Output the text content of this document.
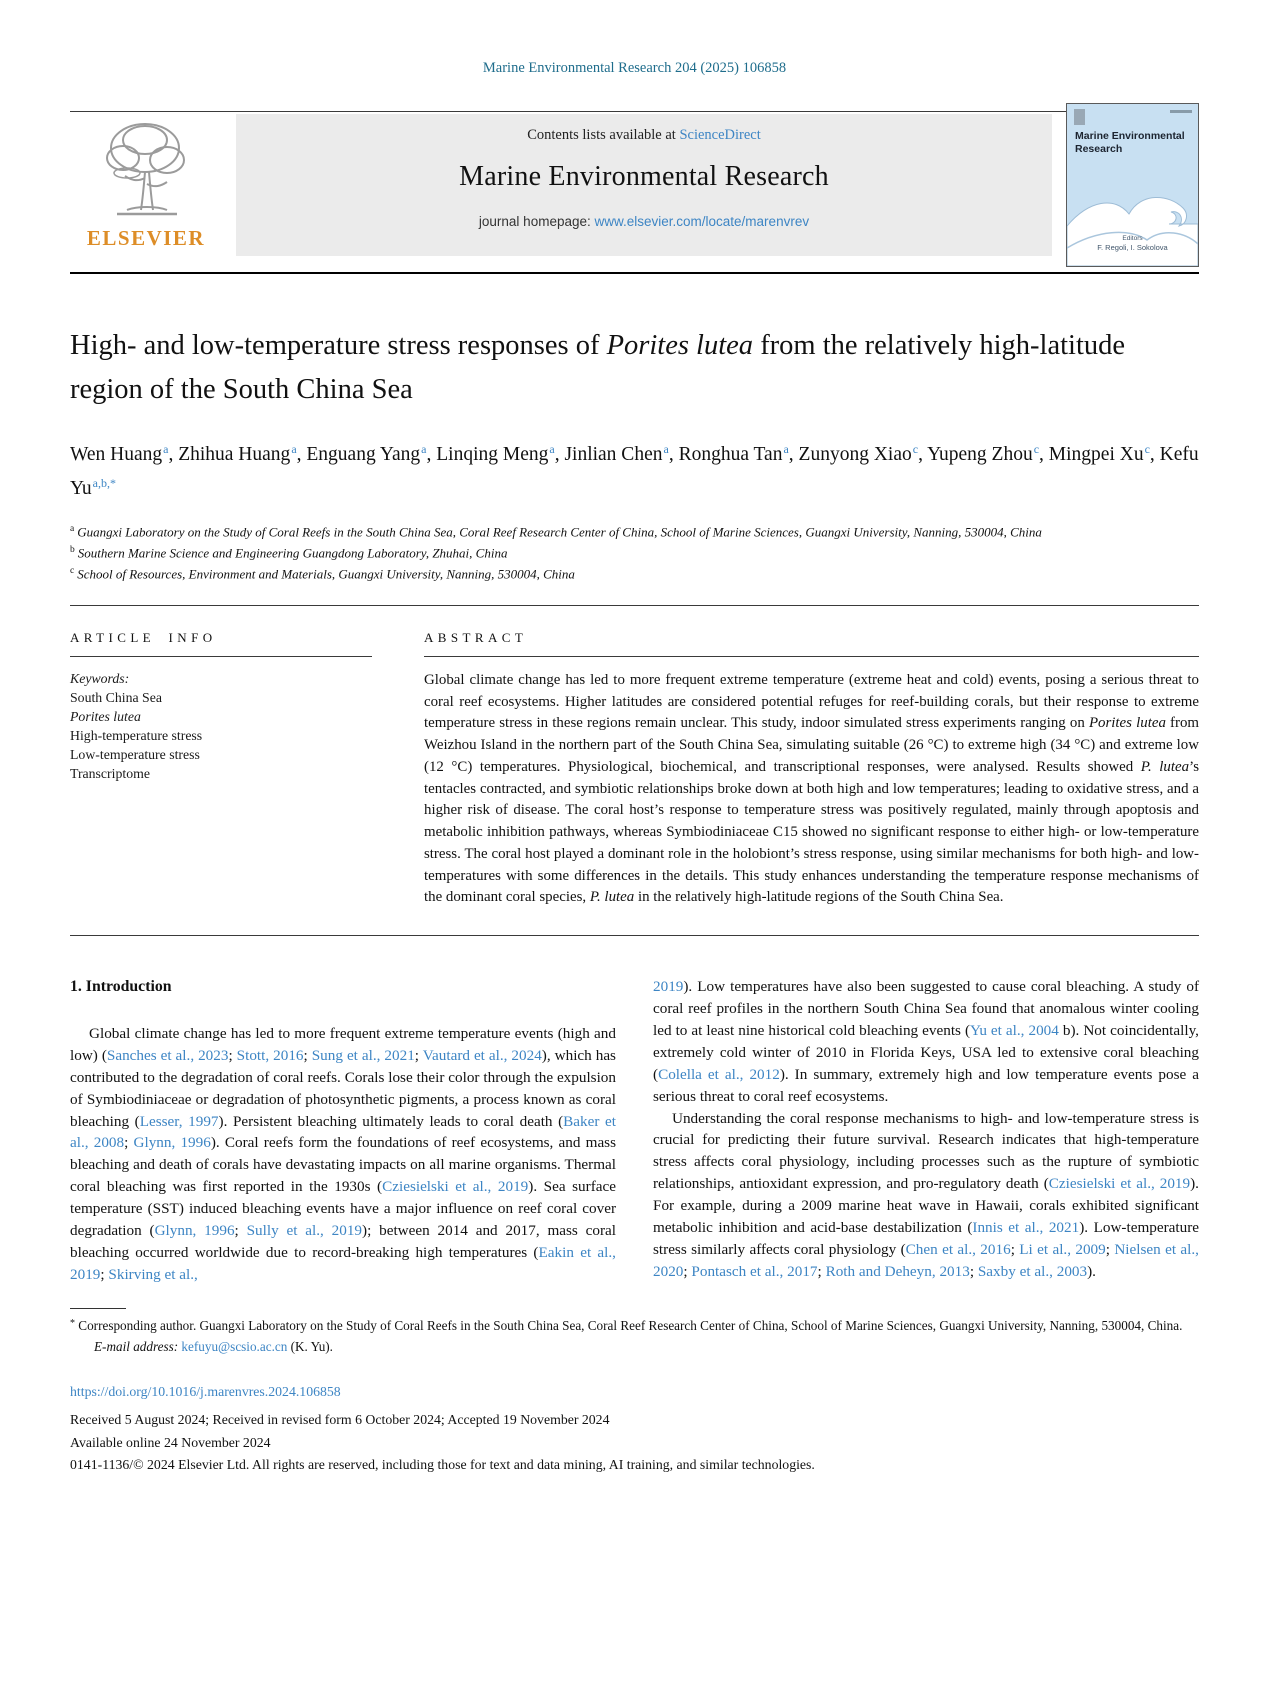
Marine Environmental Research 204 (2025) 106858
ELSEVIER
Contents lists available at ScienceDirect
Marine Environmental Research
journal homepage: www.elsevier.com/locate/marenvrev
Marine Environmental Research
Editors
F. Regoli, I. Sokolova
High- and low-temperature stress responses of Porites lutea from the relatively high-latitude region of the South China Sea
Wen Huang$^a$, Zhihua Huang$^a$, Enguang Yang$^a$, Linqing Meng$^a$, Jinlian Chen$^a$, Ronghua Tan$^a$, Zunyong Xiao$^c$, Yupeng Zhou$^c$, Mingpei Xu$^c$, Kefu $Yu^{a,b,*}$
$^a$ Guangxi Laboratory on the Study of Coral Reefs in the South China Sea, Coral Reef Research Center of China, School of Marine Sciences, Guangxi University, Nanning, 530004, China
$^b$ Southern Marine Science and Engineering Guangdong Laboratory, Zhuhai, China
$^c$ School of Resources, Environment and Materials, Guangxi University, Nanning, 530004, China
ARTICLE INFO
Keywords:
South China Sea
Porites lutea
High-temperature stress
Low-temperature stress
Transcriptome
ABSTRACT
Global climate change has led to more frequent extreme temperature (extreme heat and cold) events, posing a serious threat to coral reef ecosystems. Higher latitudes are considered potential refuges for reef-building corals, but their response to extreme temperature stress in these regions remain unclear. This study, indoor simulated stress experiments ranging on Porites lutea from Weizhou Island in the northern part of the South China Sea, simulating suitable (26 °C) to extreme high (34 °C) and extreme low (12 °C) temperatures. Physiological, biochemical, and transcriptional responses, were analysed. Results showed P. lutea’s tentacles contracted, and symbiotic relationships broke down at both high and low temperatures; leading to oxidative stress, and a higher risk of disease. The coral host’s response to temperature stress was positively regulated, mainly through apoptosis and metabolic inhibition pathways, whereas Symbiodiniaceae C15 showed no significant response to either high- or low-temperature stress. The coral host played a dominant role in the holobiont’s stress response, using similar mechanisms for both high- and low-temperatures with some differences in the details. This study enhances understanding the temperature response mechanisms of the dominant coral species, P. lutea in the relatively high-latitude regions of the South China Sea.
1. Introduction

Global climate change has led to more frequent extreme temperature events (high and low) (Sanches et al., 2023; Stott, 2016; Sung et al., 2021; Vautard et al., 2024), which has contributed to the degradation of coral reefs. Corals lose their color through the expulsion of Symbiodiniaceae or degradation of photosynthetic pigments, a process known as coral bleaching (Lesser, 1997). Persistent bleaching ultimately leads to coral death (Baker et al., 2008; Glynn, 1996). Coral reefs form the foundations of reef ecosystems, and mass bleaching and death of corals have devastating impacts on all marine organisms. Thermal coral bleaching was first reported in the 1930s (Cziesielski et al., 2019). Sea surface temperature (SST) induced bleaching events have a major influence on reef coral cover degradation (Glynn, 1996; Sully et al., 2019); between 2014 and 2017, mass coral bleaching occurred worldwide due to record-breaking high temperatures (Eakin et al., 2019; Skirving et al.,

* Corresponding author. Guangxi Laboratory on the Study of Coral Reefs in the South China Sea, Coral Reef Research Center of China, School of Marine Sciences, Guangxi University, Nanning, 530004, China.
E-mail address: kefuyu@scsio.ac.cn (K. Yu).
https://doi.org/10.1016/j.marenvres.2024.106858
Received 5 August 2024; Received in revised form 6 October 2024; Accepted 19 November 2024
Available online 24 November 2024
0141-1136/© 2024 Elsevier Ltd. All rights are reserved, including those for text and data mining, AI training, and similar technologies.

2019). Low temperatures have also been suggested to cause coral bleaching. A study of coral reef profiles in the northern South China Sea found that anomalous winter cooling led to at least nine historical cold bleaching events (Yu et al., 2004 b). Not coincidentally, extremely cold winter of 2010 in Florida Keys, USA led to extensive coral bleaching (Colella et al., 2012). In summary, extremely high and low temperature events pose a serious threat to coral reef ecosystems.

Understanding the coral response mechanisms to high- and low-temperature stress is crucial for predicting their future survival. Research indicates that high-temperature stress affects coral physiology, including processes such as the rupture of symbiotic relationships, antioxidant expression, and pro-regulatory death (Cziesielski et al., 2019). For example, during a 2009 marine heat wave in Hawaii, corals exhibited significant metabolic inhibition and acid-base destabilization (Innis et al., 2021). Low-temperature stress similarly affects coral physiology (Chen et al., 2016; Li et al., 2009; Nielsen et al., 2020; Pontasch et al., 2017; Roth and Deheyn, 2013; Saxby et al., 2003).
